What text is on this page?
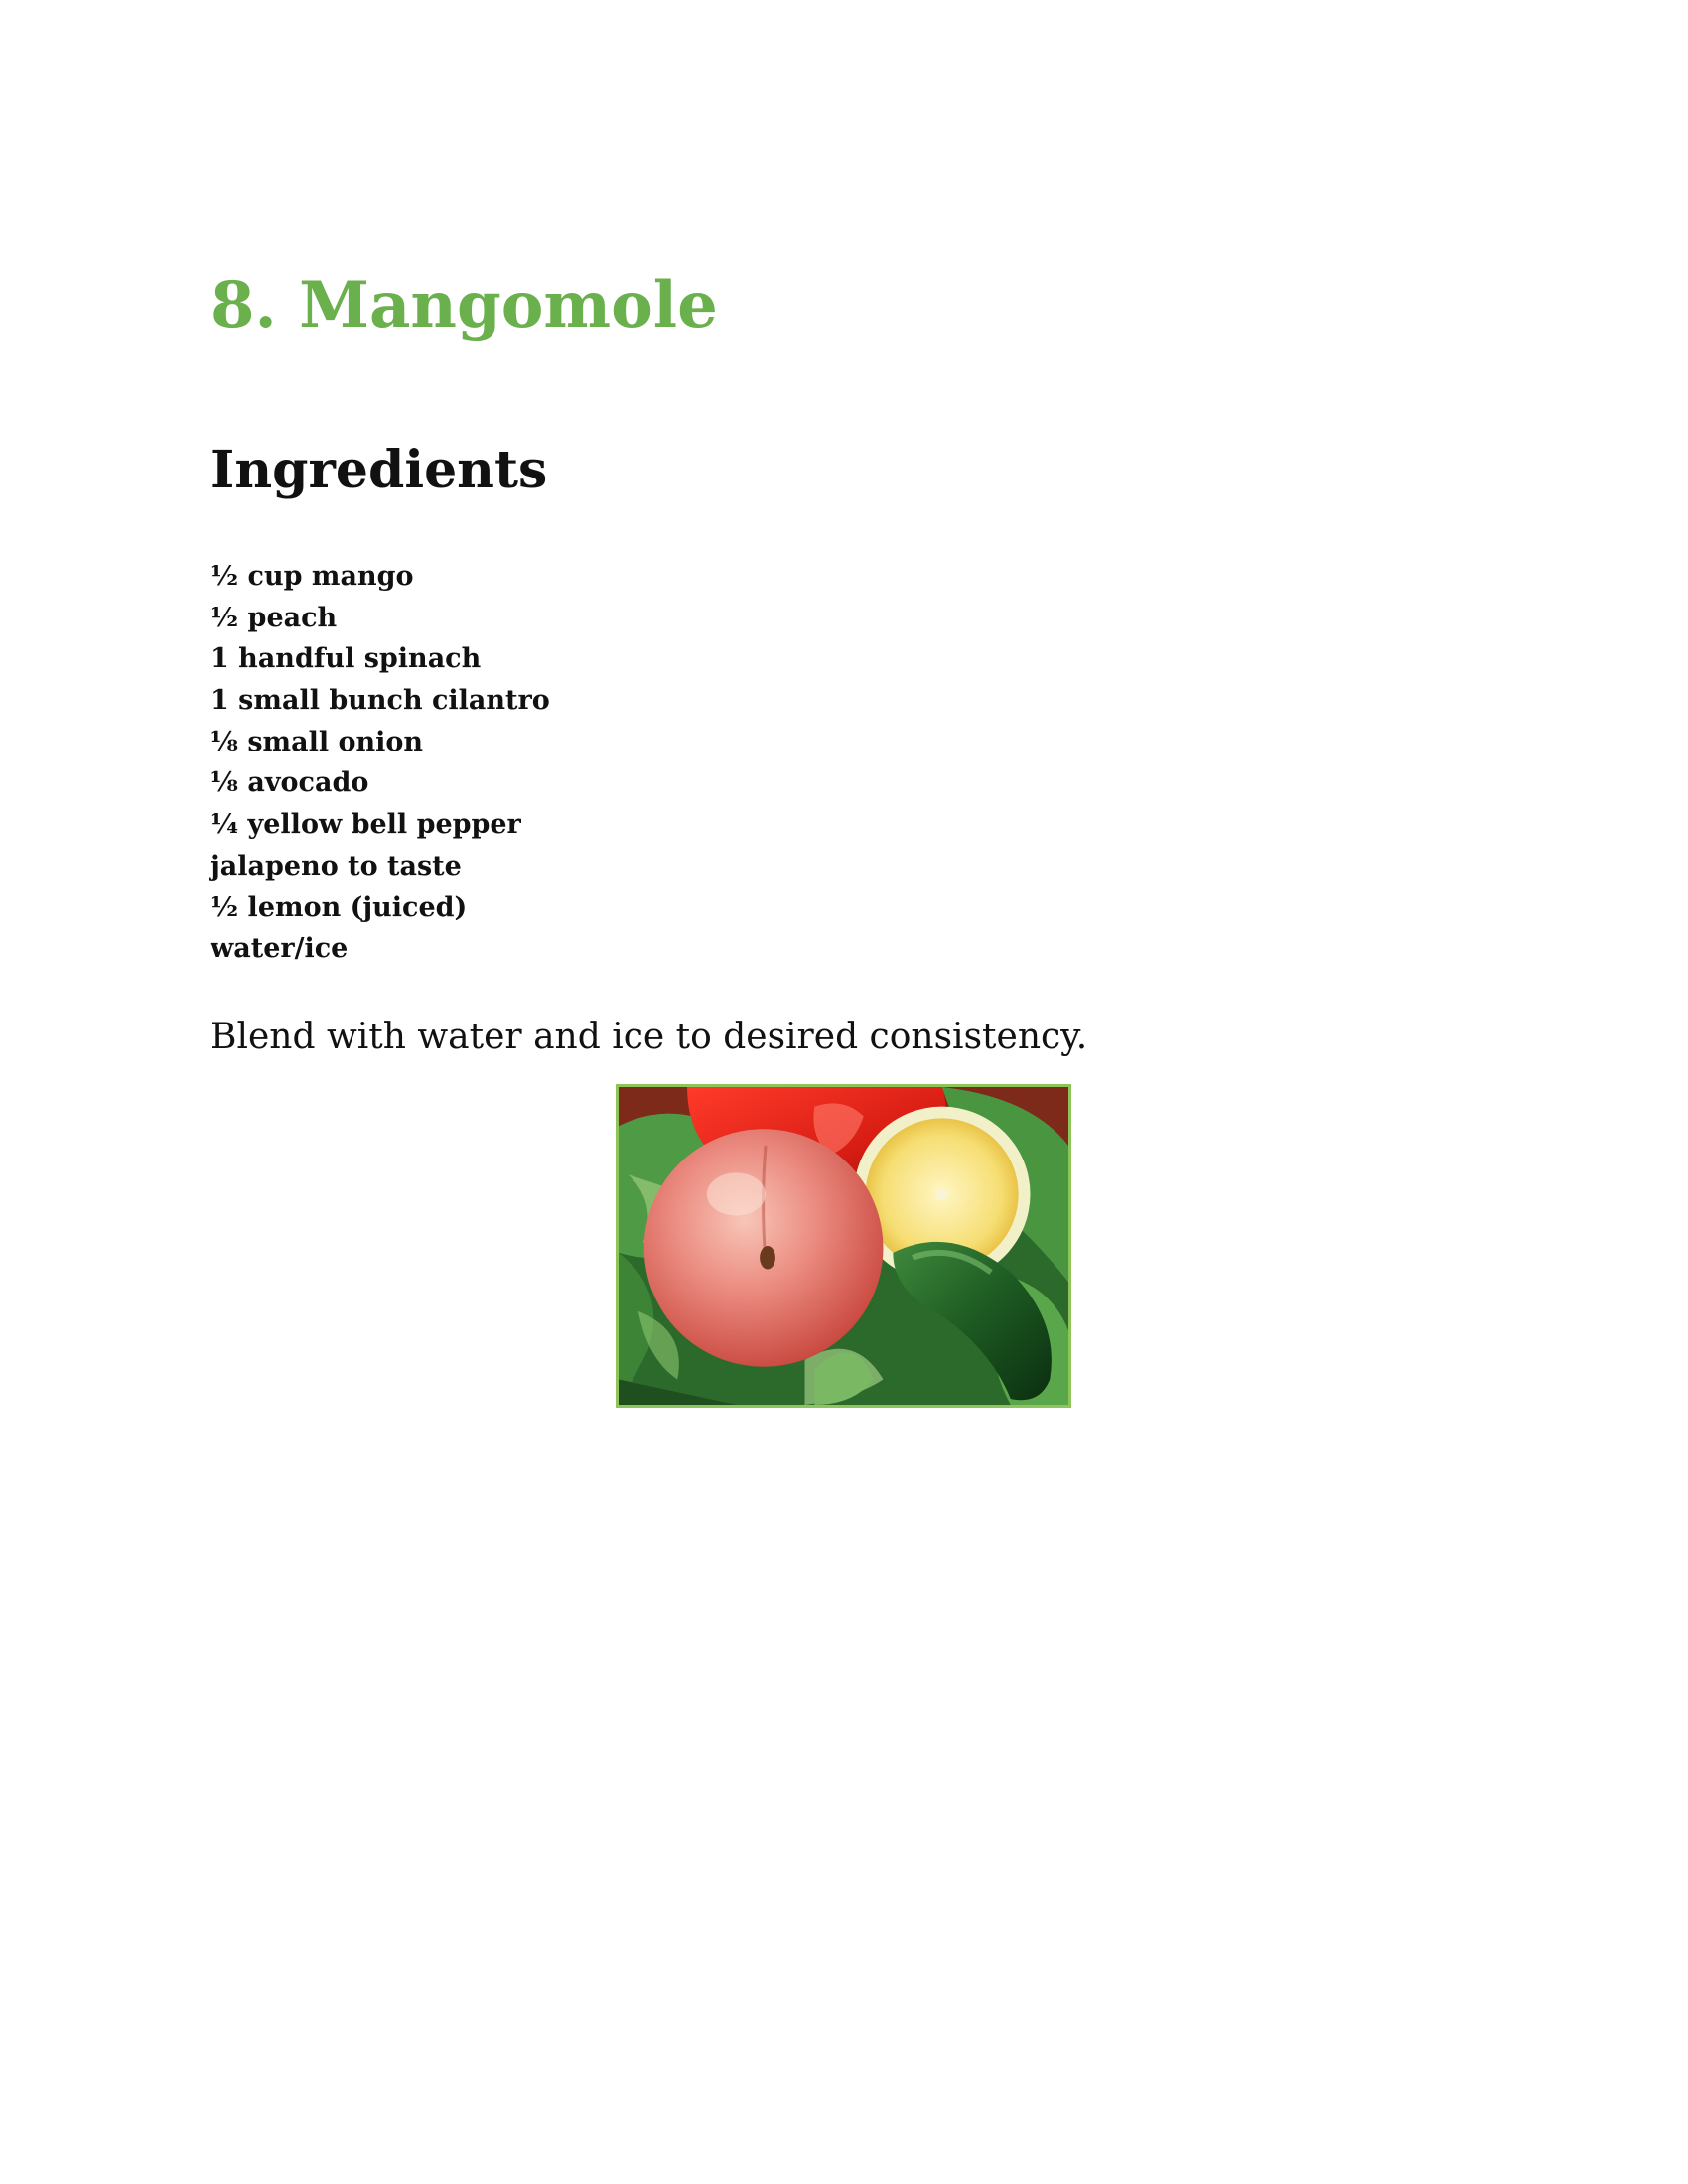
8. Mangomole
Ingredients
½ cup mango
½ peach
1 handful spinach
1 small bunch cilantro
⅛ small onion
⅛ avocado
¼ yellow bell pepper
jalapeno to taste
½ lemon (juiced)
water/ice

Blend with water and ice to desired consistency.
